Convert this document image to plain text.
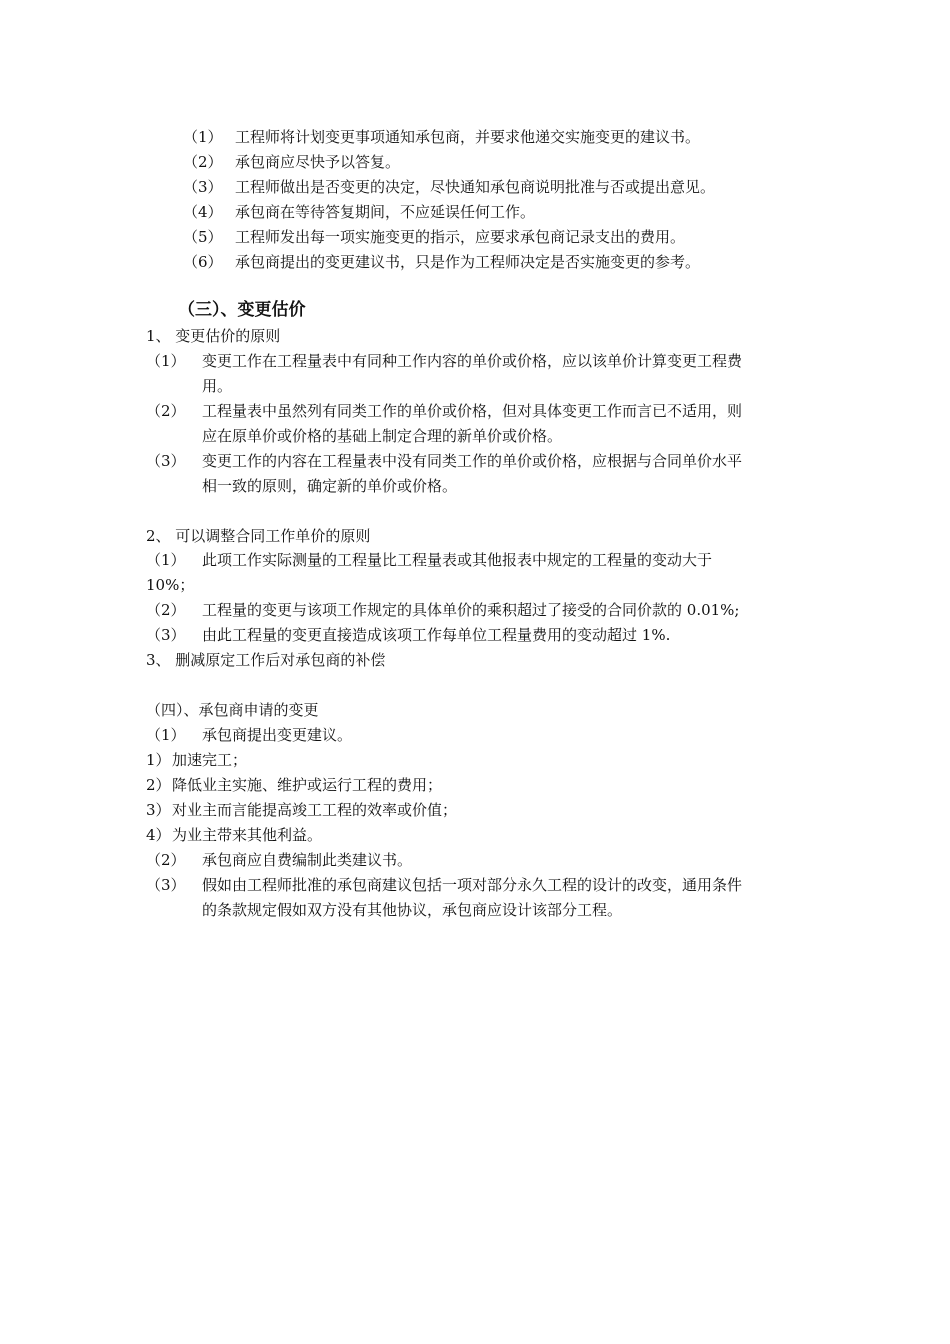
（1） 工程师将计划变更事项通知承包商，并要求他递交实施变更的建议书。
（2） 承包商应尽快予以答复。
（3） 工程师做出是否变更的决定，尽快通知承包商说明批准与否或提出意见。
（4） 承包商在等待答复期间，不应延误任何工作。
（5） 工程师发出每一项实施变更的指示，应要求承包商记录支出的费用。
（6） 承包商提出的变更建议书，只是作为工程师决定是否实施变更的参考。
（三）、变更估价
1、 变更估价的原则
（1） 变更工作在工程量表中有同种工作内容的单价或价格，应以该单价计算变更工程费
用。
（2） 工程量表中虽然列有同类工作的单价或价格，但对具体变更工作而言已不适用，则
应在原单价或价格的基础上制定合理的新单价或价格。
（3） 变更工作的内容在工程量表中没有同类工作的单价或价格，应根据与合同单价水平
相一致的原则，确定新的单价或价格。
2、 可以调整合同工作单价的原则
（1） 此项工作实际测量的工程量比工程量表或其他报表中规定的工程量的变动大于
10%；
（2） 工程量的变更与该项工作规定的具体单价的乘积超过了接受的合同价款的 0.01%;
（3） 由此工程量的变更直接造成该项工作每单位工程量费用的变动超过 1%.
3、 删减原定工作后对承包商的补偿
（四）、承包商申请的变更
（1） 承包商提出变更建议。
1） 加速完工；
2） 降低业主实施、维护或运行工程的费用；
3） 对业主而言能提高竣工工程的效率或价值；
4） 为业主带来其他利益。
（2） 承包商应自费编制此类建议书。
（3） 假如由工程师批准的承包商建议包括一项对部分永久工程的设计的改变，通用条件
的条款规定假如双方没有其他协议，承包商应设计该部分工程。
